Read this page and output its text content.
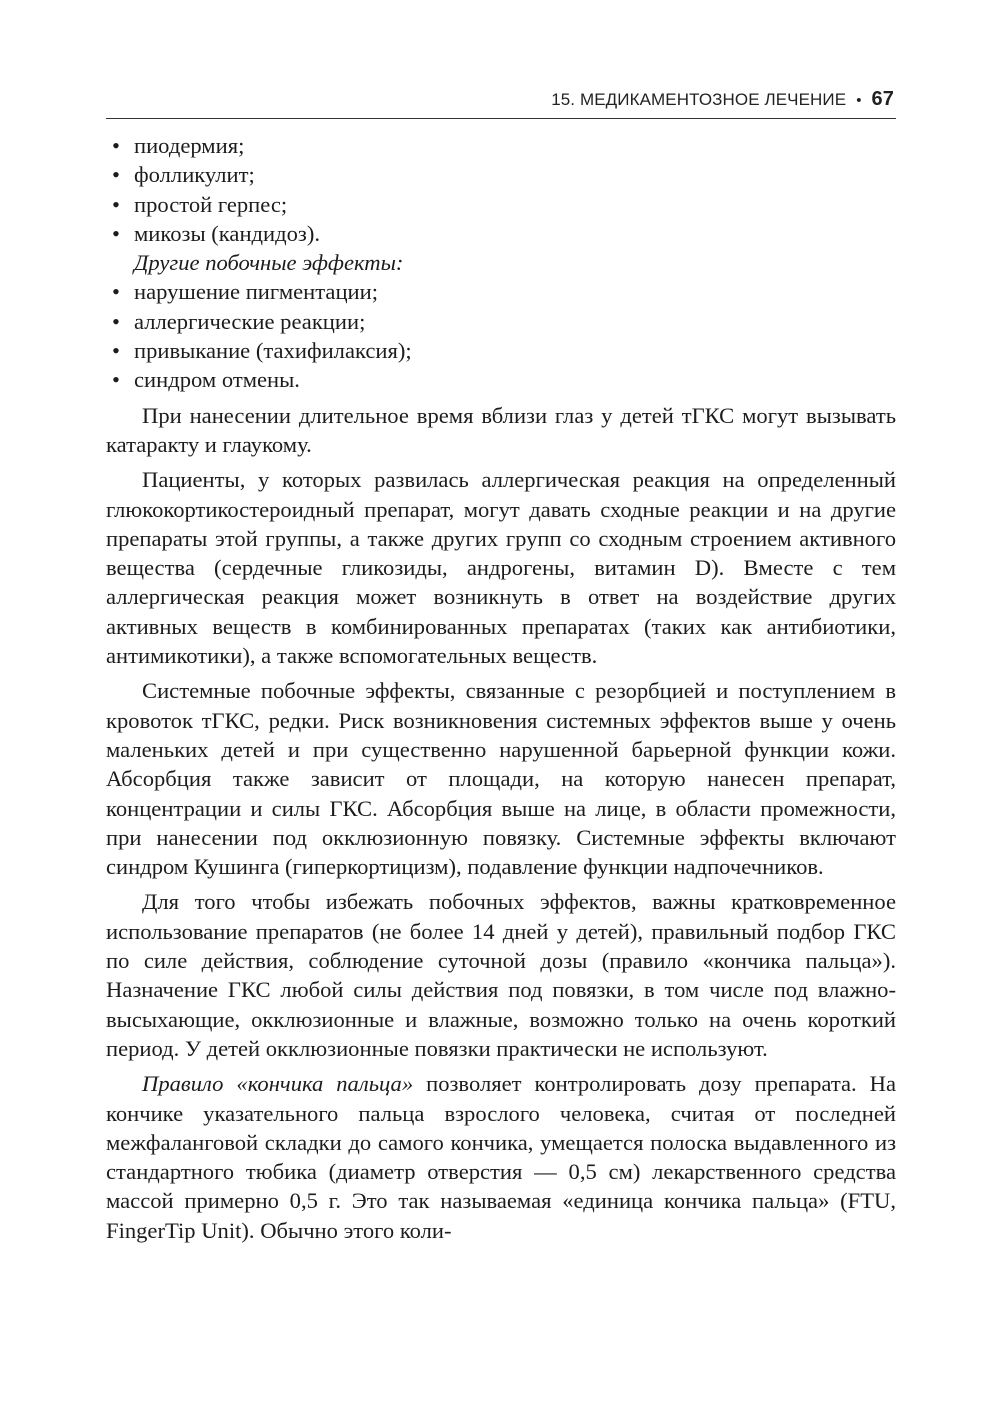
15. МЕДИКАМЕНТОЗНОЕ ЛЕЧЕНИЕ • 67
• пиодермия;
• фолликулит;
• простой герпес;
• микозы (кандидоз).
Другие побочные эффекты:
• нарушение пигментации;
• аллергические реакции;
• привыкание (тахифилаксия);
• синдром отмены.

При нанесении длительное время вблизи глаз у детей тГКС могут вызывать катаракту и глаукому.

Пациенты, у которых развилась аллергическая реакция на определенный глюкокортикостероидный препарат, могут давать сходные реакции и на другие препараты этой группы, а также других групп со сходным строением активного вещества (сердечные гликозиды, андрогены, витамин D). Вместе с тем аллергическая реакция может возникнуть в ответ на воздействие других активных веществ в комбинированных препаратах (таких как антибиотики, антимикотики), а также вспомогательных веществ.

Системные побочные эффекты, связанные с резорбцией и поступлением в кровоток тГКС, редки. Риск возникновения системных эффектов выше у очень маленьких детей и при существенно нарушенной барьерной функции кожи. Абсорбция также зависит от площади, на которую нанесен препарат, концентрации и силы ГКС. Абсорбция выше на лице, в области промежности, при нанесении под окклюзионную повязку. Системные эффекты включают синдром Кушинга (гиперкортицизм), подавление функции надпочечников.

Для того чтобы избежать побочных эффектов, важны кратковременное использование препаратов (не более 14 дней у детей), правильный подбор ГКС по силе действия, соблюдение суточной дозы (правило «кончика пальца»). Назначение ГКС любой силы действия под повязки, в том числе под влажно-высыхающие, окклюзионные и влажные, возможно только на очень короткий период. У детей окклюзионные повязки практически не используют.

Правило «кончика пальца» позволяет контролировать дозу препарата. На кончике указательного пальца взрослого человека, считая от последней межфаланговой складки до самого кончика, умещается полоска выдавленного из стандартного тюбика (диаметр отверстия — 0,5 см) лекарственного средства массой примерно 0,5 г. Это так называемая «единица кончика пальца» (FTU, FingerTip Unit). Обычно этого коли-
